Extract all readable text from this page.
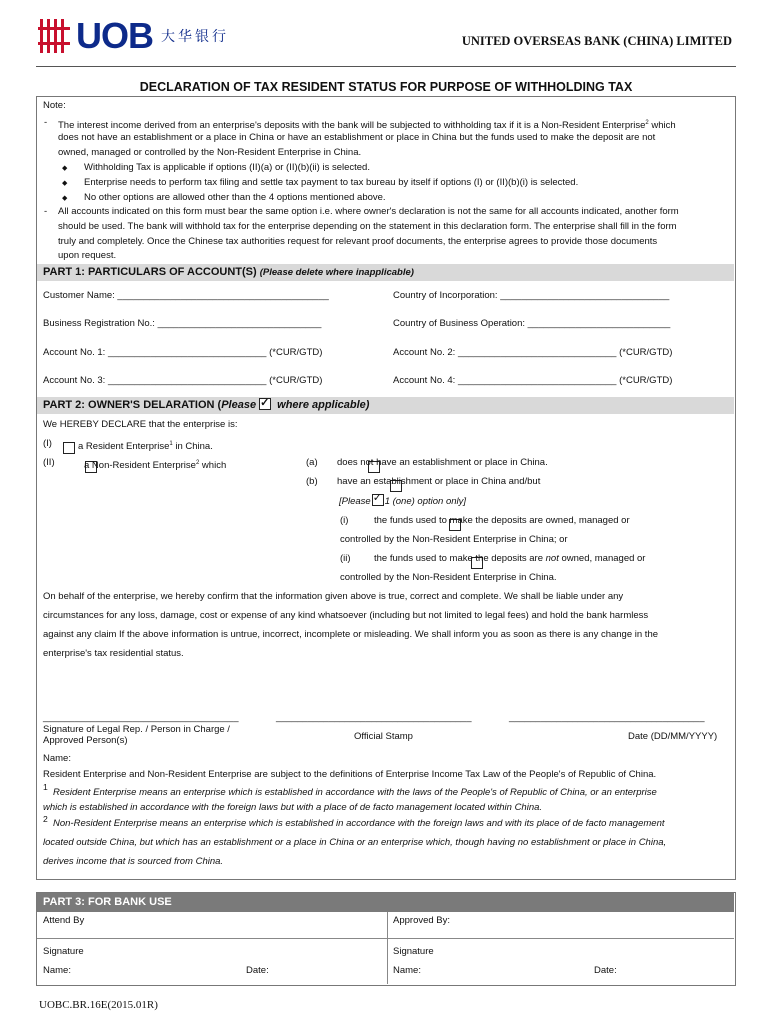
UOB 大华银行	UNITED OVERSEAS BANK (CHINA) LIMITED
DECLARATION OF TAX RESIDENT STATUS FOR PURPOSE OF WITHHOLDING TAX
Note:
- The interest income derived from an enterprise's deposits with the bank will be subjected to withholding tax if it is a Non-Resident Enterprise$^2$ which
does not have an establishment or a place in China or have an establishment or place in China but the funds used to make the deposit are not
owned, managed or controlled by the Non-Resident Enterprise in China.
◆ Withholding Tax is applicable if options (II)(a) or (II)(b)(ii) is selected.
◆ Enterprise needs to perform tax filing and settle tax payment to tax bureau by itself if options (I) or (II)(b)(i) is selected.
◆ No other options are allowed other than the 4 options mentioned above.
- All accounts indicated on this form must bear the same option i.e. where owner's declaration is not the same for all accounts indicated, another form
should be used. The bank will withhold tax for the enterprise depending on the statement in this declaration form. The enterprise shall fill in the form
truly and completely. Once the Chinese tax authorities request for relevant proof documents, the enterprise agrees to provide those documents
upon request.
PART 1: PARTICULARS OF ACCOUNT(S) (Please delete where inapplicable)
Customer Name: ________________________________________	Country of Incorporation: ________________________________
Business Registration No.: _______________________________	Country of Business Operation: ___________________________
Account No. 1: ______________________________ (*CUR/GTD)	Account No. 2: ______________________________ (*CUR/GTD)
Account No. 3: ______________________________ (*CUR/GTD)	Account No. 4: ______________________________ (*CUR/GTD)
PART 2: OWNER'S DELARATION (Please ✓ where applicable)
We HEREBY DECLARE that the enterprise is:
(I)
	a Resident Enterprise$^1$ in China.
(II)
	a Non-Resident Enterprise$^2$ which	(a)
does not have an establishment or place in China.
(b)
have an establishment or place in China and/but
[Please ✓ 1 (one) option only]
(i)
	the funds used to make the deposits are owned, managed or
controlled by the Non-Resident Enterprise in China; or
(ii) the funds used to make the deposits are not owned, managed or
controlled by the Non-Resident Enterprise in China.
On behalf of the enterprise, we hereby confirm that the information given above is true, correct and complete. We shall be liable under any
circumstances for any loss, damage, cost or expense of any kind whatsoever (including but not limited to legal fees) and hold the bank harmless
against any claim If the above information is untrue, incorrect, incomplete or misleading. We shall inform you as soon as there is any change in the
enterprise's tax residential status.
_____________________________________
Signature of Legal Rep. / Person in Charge / Approved Person(s)
_____________________________________
Official Stamp
_____________________________________
Date (DD/MM/YYYY)
Name:
Resident Enterprise and Non-Resident Enterprise are subject to the definitions of Enterprise Income Tax Law of the People's of Republic of China.
1 Resident Enterprise means an enterprise which is established in accordance with the laws of the People's of Republic of China, or an enterprise
which is established in accordance with the foreign laws but with a place of de facto management located within China.
2 Non-Resident Enterprise means an enterprise which is established in accordance with the foreign laws and with its place of de facto management
located outside China, but which has an establishment or a place in China or an enterprise which, though having no establishment or place in China,
derives income that is sourced from China.
PART 3: FOR BANK USE
Attend By	Approved By:
Signature	Signature
Name:	Date:	Name:	Date:
UOBC.BR.16E(2015.01R)
